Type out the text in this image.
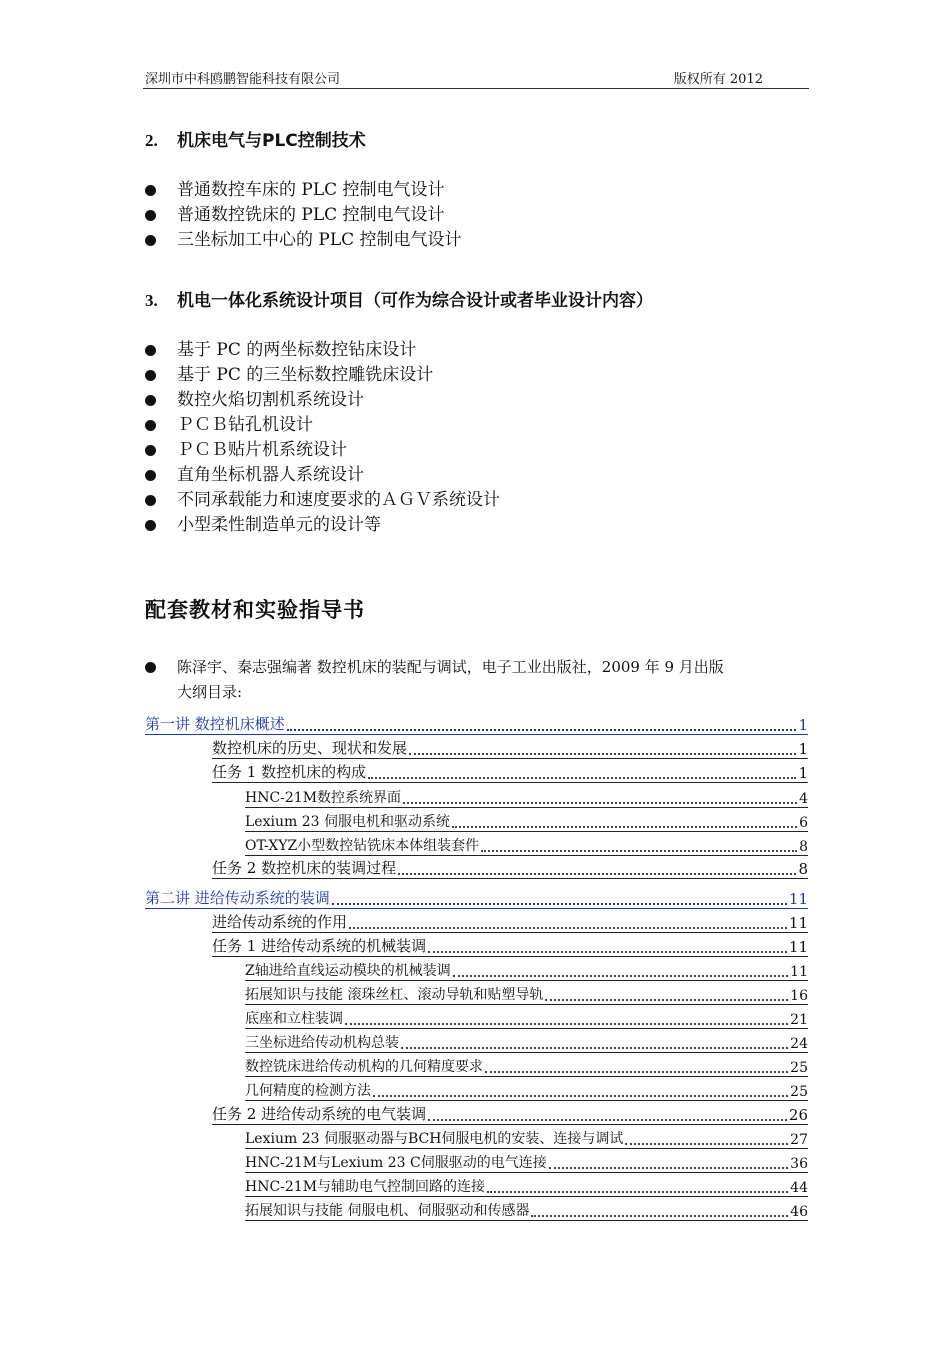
深圳市中科鸥鹏智能科技有限公司	版权所有 2012
2. 机床电气与PLC控制技术
普通数控车床的 PLC 控制电气设计
普通数控铣床的 PLC 控制电气设计
三坐标加工中心的 PLC 控制电气设计
3. 机电一体化系统设计项目（可作为综合设计或者毕业设计内容）
基于 PC 的两坐标数控钻床设计
基于 PC 的三坐标数控雕铣床设计
数控火焰切割机系统设计
ＰＣＢ钻孔机设计
ＰＣＢ贴片机系统设计
直角坐标机器人系统设计
不同承载能力和速度要求的ＡＧＶ系统设计
小型柔性制造单元的设计等
配套教材和实验指导书
陈泽宇、秦志强编著 数控机床的装配与调试，电子工业出版社，2009 年 9 月出版
大纲目录:
第一讲 数控机床概述	1
数控机床的历史、现状和发展	1
任务 1 数控机床的构成	1
HNC-21M数控系统界面	4
Lexium 23 伺服电机和驱动系统	6
OT-XYZ小型数控钻铣床本体组装套件	8
任务 2 数控机床的装调过程	8
第二讲 进给传动系统的装调	11
进给传动系统的作用	11
任务 1 进给传动系统的机械装调	11
Z轴进给直线运动模块的机械装调	11
拓展知识与技能 滚珠丝杠、滚动导轨和贴塑导轨	16
底座和立柱装调	21
三坐标进给传动机构总装	24
数控铣床进给传动机构的几何精度要求	25
几何精度的检测方法	25
任务 2 进给传动系统的电气装调	26
Lexium 23 伺服驱动器与BCH伺服电机的安装、连接与调试	27
HNC-21M与Lexium 23 C伺服驱动的电气连接	36
HNC-21M与辅助电气控制回路的连接	44
拓展知识与技能 伺服电机、伺服驱动和传感器	46
